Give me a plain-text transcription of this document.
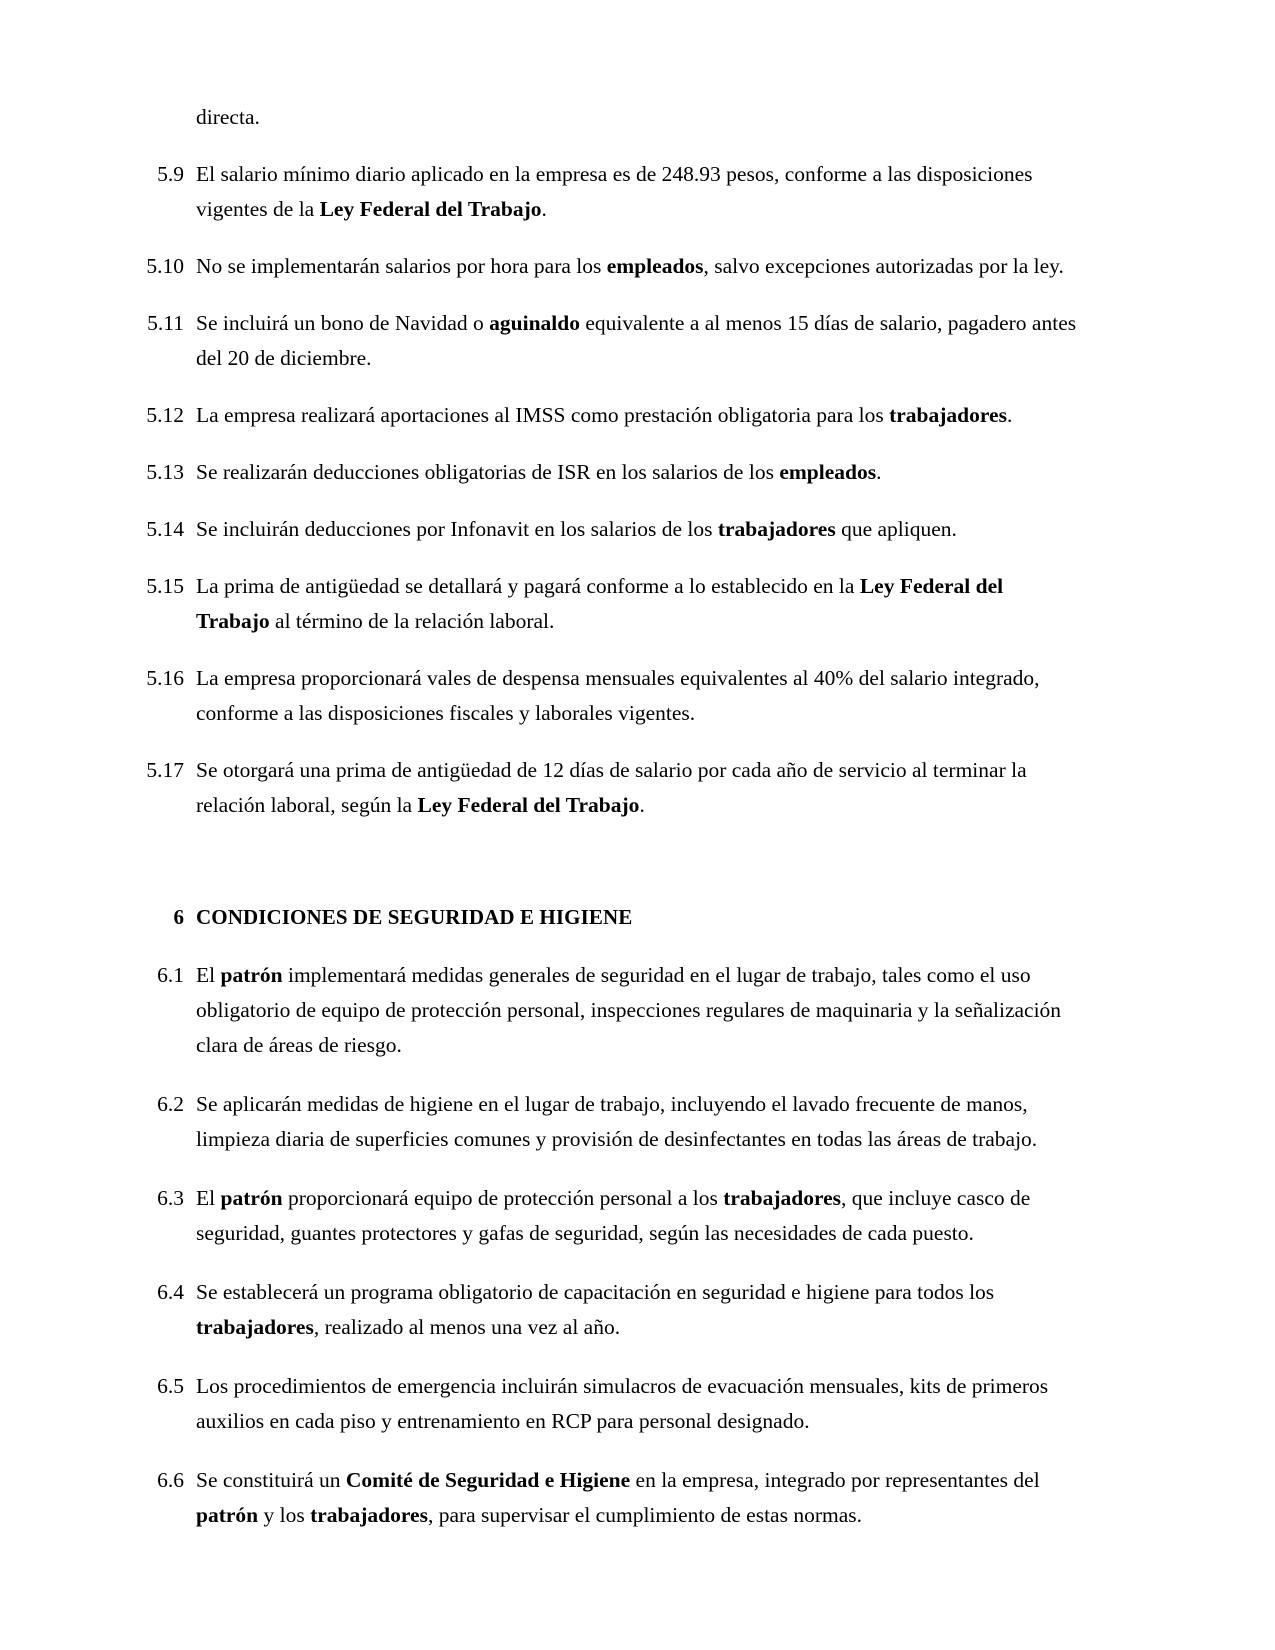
directa.

5.9 El salario mínimo diario aplicado en la empresa es de 248.93 pesos, conforme a las disposiciones vigentes de la Ley Federal del Trabajo.
5.10 No se implementarán salarios por hora para los empleados, salvo excepciones autorizadas por la ley.
5.11 Se incluirá un bono de Navidad o aguinaldo equivalente a al menos 15 días de salario, pagadero antes del 20 de diciembre.
5.12 La empresa realizará aportaciones al IMSS como prestación obligatoria para los trabajadores.
5.13 Se realizarán deducciones obligatorias de ISR en los salarios de los empleados.
5.14 Se incluirán deducciones por Infonavit en los salarios de los trabajadores que apliquen.
5.15 La prima de antigüedad se detallará y pagará conforme a lo establecido en la Ley Federal del Trabajo al término de la relación laboral.
5.16 La empresa proporcionará vales de despensa mensuales equivalentes al 40% del salario integrado, conforme a las disposiciones fiscales y laborales vigentes.
5.17 Se otorgará una prima de antigüedad de 12 días de salario por cada año de servicio al terminar la relación laboral, según la Ley Federal del Trabajo.
6 CONDICIONES DE SEGURIDAD E HIGIENE
6.1 El patrón implementará medidas generales de seguridad en el lugar de trabajo, tales como el uso obligatorio de equipo de protección personal, inspecciones regulares de maquinaria y la señalización clara de áreas de riesgo.
6.2 Se aplicarán medidas de higiene en el lugar de trabajo, incluyendo el lavado frecuente de manos, limpieza diaria de superficies comunes y provisión de desinfectantes en todas las áreas de trabajo.
6.3 El patrón proporcionará equipo de protección personal a los trabajadores, que incluye casco de seguridad, guantes protectores y gafas de seguridad, según las necesidades de cada puesto.
6.4 Se establecerá un programa obligatorio de capacitación en seguridad e higiene para todos los trabajadores, realizado al menos una vez al año.
6.5 Los procedimientos de emergencia incluirán simulacros de evacuación mensuales, kits de primeros auxilios en cada piso y entrenamiento en RCP para personal designado.
6.6 Se constituirá un Comité de Seguridad e Higiene en la empresa, integrado por representantes del patrón y los trabajadores, para supervisar el cumplimiento de estas normas.
